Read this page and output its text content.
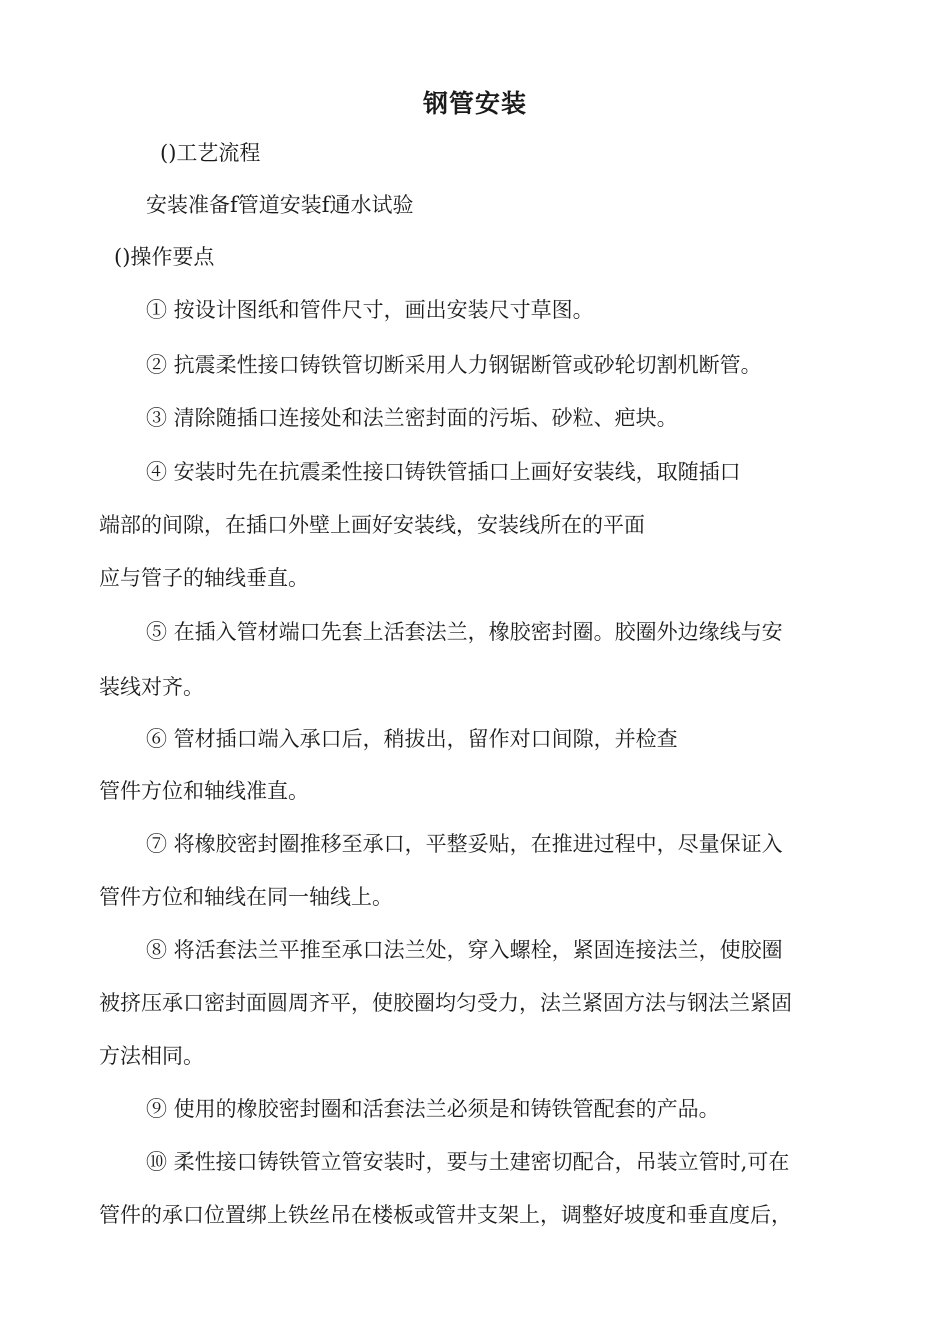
钢管安装
()工艺流程
安装准备f管道安装f通水试验
()操作要点
① 按设计图纸和管件尺寸，画出安装尺寸草图。
② 抗震柔性接口铸铁管切断采用人力钢锯断管或砂轮切割机断管。
③ 清除随插口连接处和法兰密封面的污垢、砂粒、疤块。
④ 安装时先在抗震柔性接口铸铁管插口上画好安装线，取随插口
端部的间隙，在插口外壁上画好安装线，安装线所在的平面
应与管子的轴线垂直。
⑤ 在插入管材端口先套上活套法兰，橡胶密封圈。胶圈外边缘线与安
装线对齐。
⑥ 管材插口端入承口后，稍拔出，留作对口间隙，并检查
管件方位和轴线准直。
⑦ 将橡胶密封圈推移至承口，平整妥贴，在推进过程中，尽量保证入
管件方位和轴线在同一轴线上。
⑧ 将活套法兰平推至承口法兰处，穿入螺栓，紧固连接法兰，使胶圈
被挤压承口密封面圆周齐平，使胶圈均匀受力，法兰紧固方法与钢法兰紧固
方法相同。
⑨ 使用的橡胶密封圈和活套法兰必须是和铸铁管配套的产品。
⑩ 柔性接口铸铁管立管安装时，要与土建密切配合，吊装立管时,可在
管件的承口位置绑上铁丝吊在楼板或管井支架上，调整好坡度和垂直度后，
